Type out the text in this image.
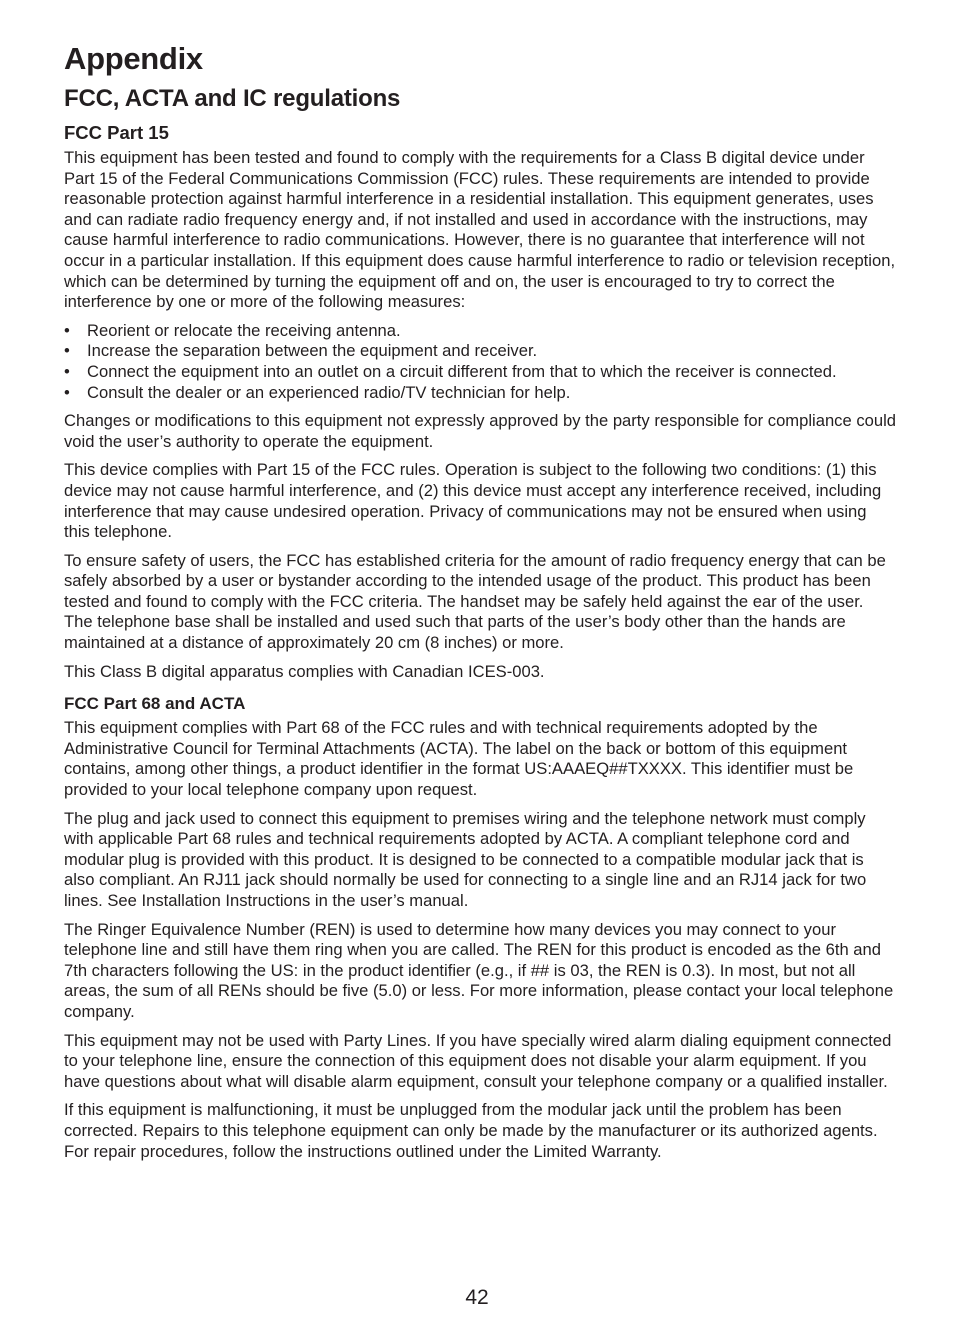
Appendix
FCC, ACTA and IC regulations
FCC Part 15

This equipment has been tested and found to comply with the requirements for a Class B digital device under Part 15 of the Federal Communications Commission (FCC) rules. These requirements are intended to provide reasonable protection against harmful interference in a residential installation. This equipment generates, uses and can radiate radio frequency energy and, if not installed and used in accordance with the instructions, may cause harmful interference to radio communications. However, there is no guarantee that interference will not occur in a particular installation. If this equipment does cause harmful interference to radio or television reception, which can be determined by turning the equipment off and on, the user is encouraged to try to correct the interference by one or more of the following measures:

• Reorient or relocate the receiving antenna.
• Increase the separation between the equipment and receiver.
• Connect the equipment into an outlet on a circuit different from that to which the receiver is connected.
• Consult the dealer or an experienced radio/TV technician for help.

Changes or modifications to this equipment not expressly approved by the party responsible for compliance could void the user’s authority to operate the equipment.

This device complies with Part 15 of the FCC rules. Operation is subject to the following two conditions: (1) this device may not cause harmful interference, and (2) this device must accept any interference received, including interference that may cause undesired operation. Privacy of communications may not be ensured when using this telephone.

To ensure safety of users, the FCC has established criteria for the amount of radio frequency energy that can be safely absorbed by a user or bystander according to the intended usage of the product. This product has been tested and found to comply with the FCC criteria. The handset may be safely held against the ear of the user. The telephone base shall be installed and used such that parts of the user’s body other than the hands are maintained at a distance of approximately 20 cm (8 inches) or more.

This Class B digital apparatus complies with Canadian ICES-003.

FCC Part 68 and ACTA

This equipment complies with Part 68 of the FCC rules and with technical requirements adopted by the Administrative Council for Terminal Attachments (ACTA). The label on the back or bottom of this equipment contains, among other things, a product identifier in the format US:AAAEQ##TXXXX. This identifier must be provided to your local telephone company upon request.

The plug and jack used to connect this equipment to premises wiring and the telephone network must comply with applicable Part 68 rules and technical requirements adopted by ACTA. A compliant telephone cord and modular plug is provided with this product. It is designed to be connected to a compatible modular jack that is also compliant. An RJ11 jack should normally be used for connecting to a single line and an RJ14 jack for two lines. See Installation Instructions in the user’s manual.

The Ringer Equivalence Number (REN) is used to determine how many devices you may connect to your telephone line and still have them ring when you are called. The REN for this product is encoded as the 6th and 7th characters following the US: in the product identifier (e.g., if ## is 03, the REN is 0.3). In most, but not all areas, the sum of all RENs should be five (5.0) or less. For more information, please contact your local telephone company.

This equipment may not be used with Party Lines. If you have specially wired alarm dialing equipment connected to your telephone line, ensure the connection of this equipment does not disable your alarm equipment. If you have questions about what will disable alarm equipment, consult your telephone company or a qualified installer.

If this equipment is malfunctioning, it must be unplugged from the modular jack until the problem has been corrected. Repairs to this telephone equipment can only be made by the manufacturer or its authorized agents. For repair procedures, follow the instructions outlined under the Limited Warranty.

42
